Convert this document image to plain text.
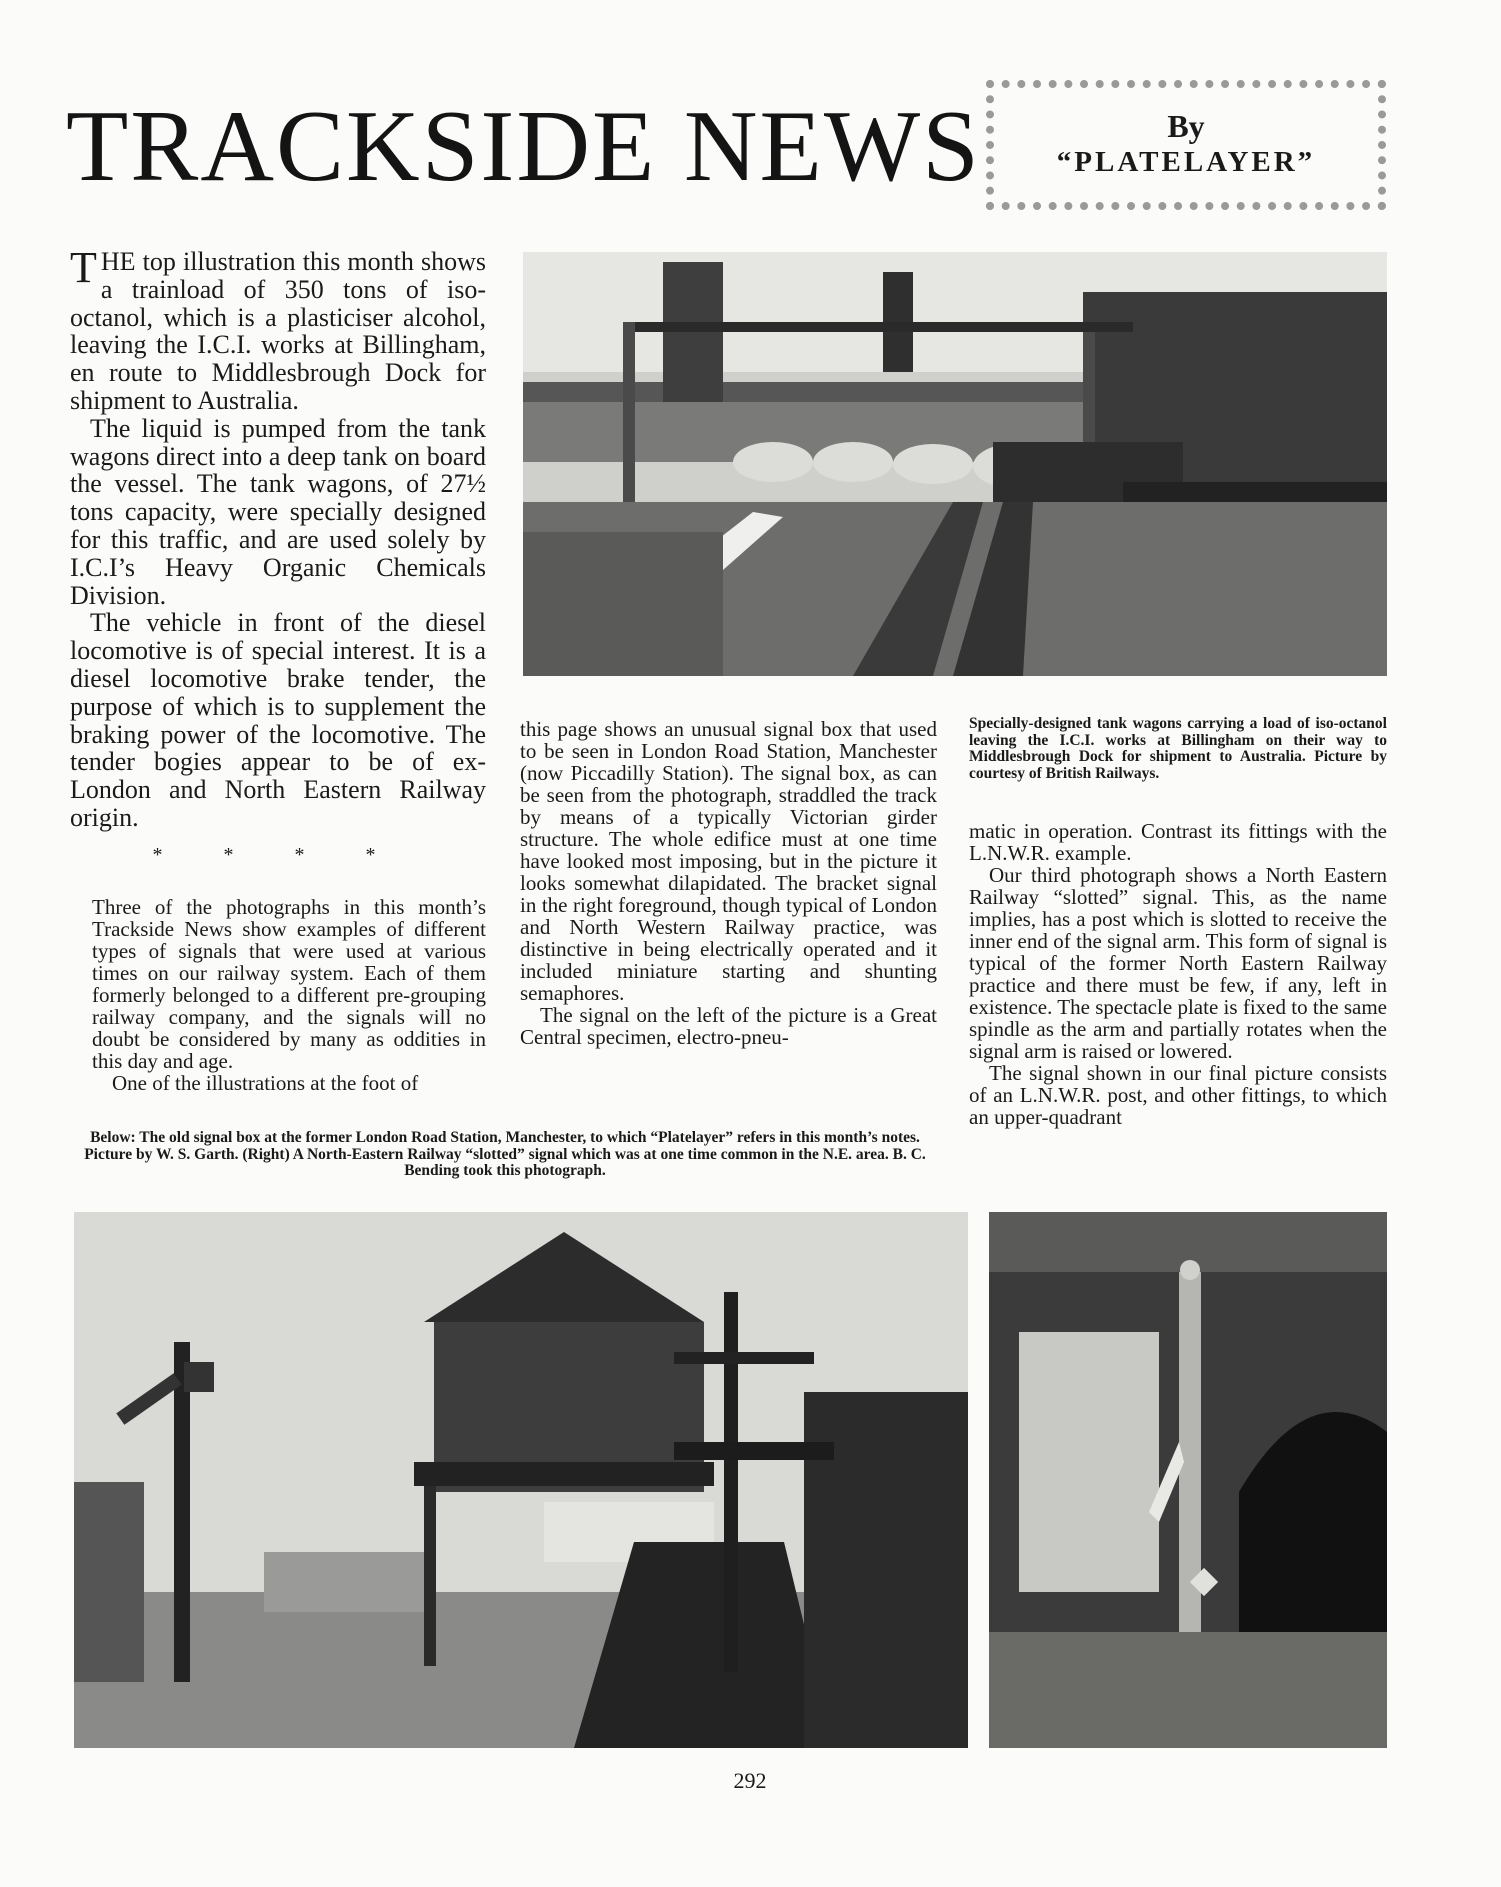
TRACKSIDE NEWS	By
“PLATELAYER”

THE top illustration this month shows a trainload of 350 tons of iso-octanol, which is a plasticiser alcohol, leaving the I.C.I. works at Billingham, en route to Middlesbrough Dock for shipment to Australia.

The liquid is pumped from the tank wagons direct into a deep tank on board the vessel. The tank wagons, of 27½ tons capacity, were specially designed for this traffic, and are used solely by I.C.I’s Heavy Organic Chemicals Division.

The vehicle in front of the diesel locomotive is of special interest. It is a diesel locomotive brake tender, the purpose of which is to supplement the braking power of the locomotive. The tender bogies appear to be of ex-London and North Eastern Railway origin.

* * * *

Three of the photographs in this month’s Trackside News show examples of different types of signals that were used at various times on our railway system. Each of them formerly belonged to a different pre-grouping railway company, and the signals will no doubt be considered by many as oddities in this day and age.

One of the illustrations at the foot of

this page shows an unusual signal box that used to be seen in London Road Station, Manchester (now Piccadilly Station). The signal box, as can be seen from the photograph, straddled the track by means of a typically Victorian girder structure. The whole edifice must at one time have looked most imposing, but in the picture it looks somewhat dilapidated. The bracket signal in the right foreground, though typical of London and North Western Railway practice, was distinctive in being electrically operated and it included miniature starting and shunting semaphores.

The signal on the left of the picture is a Great Central specimen, electro-pneu-

Specially-designed tank wagons carrying a load of iso-octanol leaving the I.C.I. works at Billingham on their way to Middlesbrough Dock for shipment to Australia. Picture by courtesy of British Railways.

matic in operation. Contrast its fittings with the L.N.W.R. example.

Our third photograph shows a North Eastern Railway “slotted” signal. This, as the name implies, has a post which is slotted to receive the inner end of the signal arm. This form of signal is typical of the former North Eastern Railway practice and there must be few, if any, left in existence. The spectacle plate is fixed to the same spindle as the arm and partially rotates when the signal arm is raised or lowered.

The signal shown in our final picture consists of an L.N.W.R. post, and other fittings, to which an upper-quadrant

Below: The old signal box at the former London Road Station, Manchester, to which “Platelayer” refers in this month’s notes. Picture by W. S. Garth. (Right) A North-Eastern Railway “slotted” signal which was at one time common in the N.E. area. B. C. Bending took this photograph.
292
